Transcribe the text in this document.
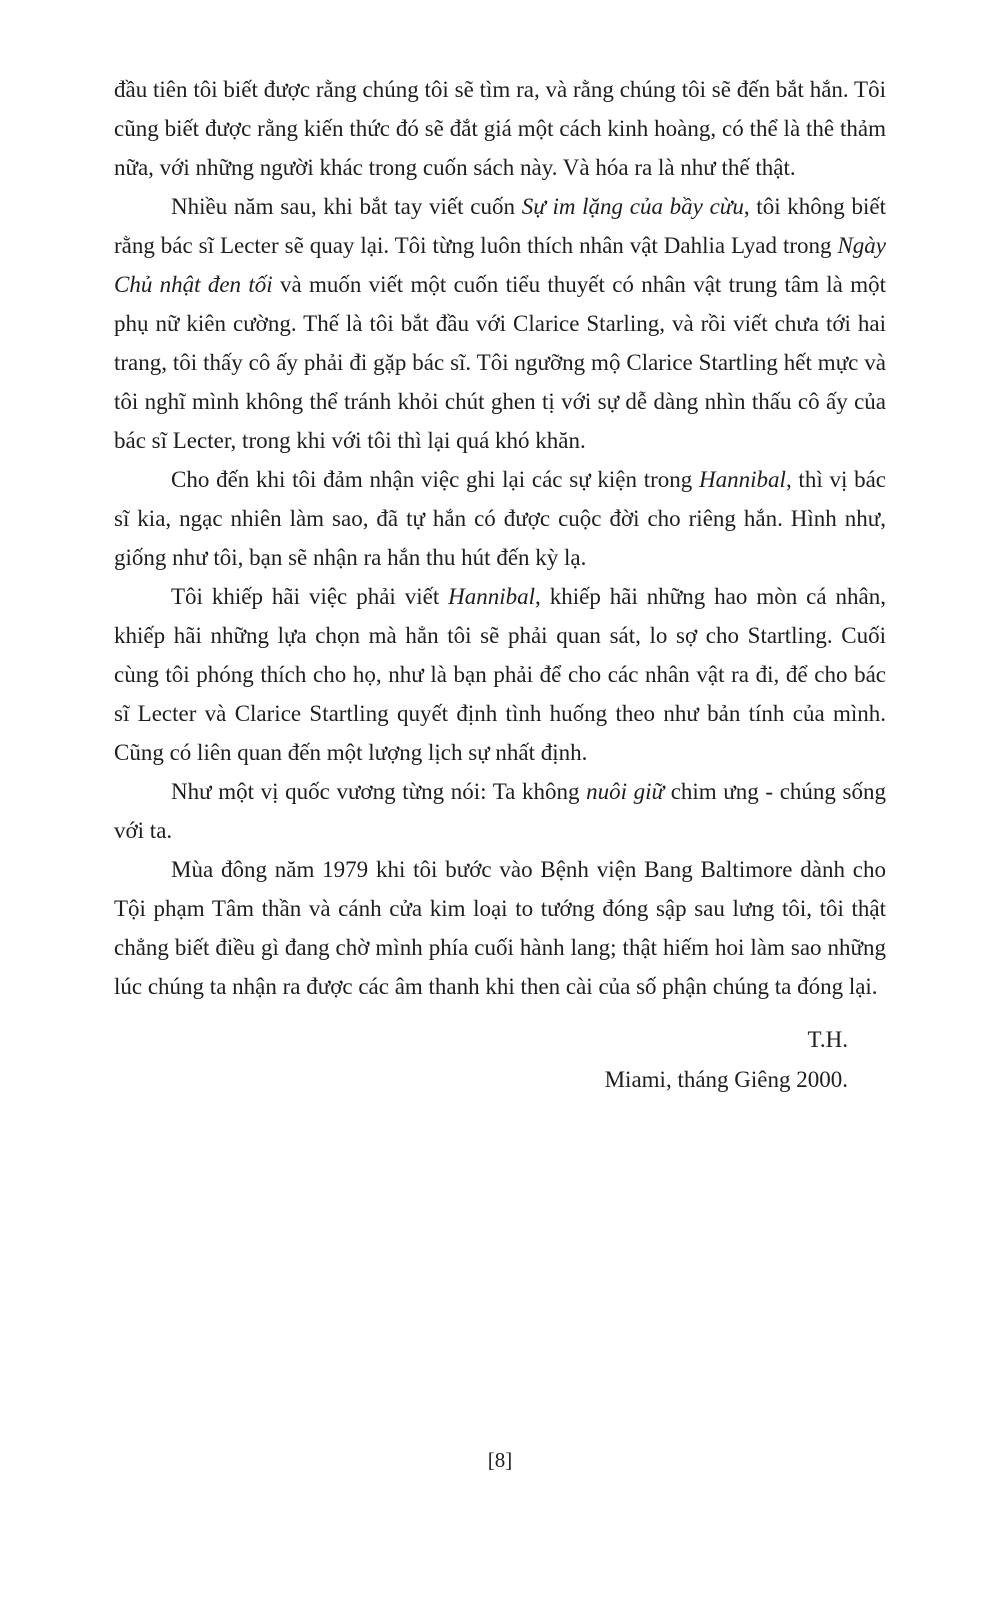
đầu tiên tôi biết được rằng chúng tôi sẽ tìm ra, và rằng chúng tôi sẽ đến bắt hắn. Tôi cũng biết được rằng kiến thức đó sẽ đắt giá một cách kinh hoàng, có thể là thê thảm nữa, với những người khác trong cuốn sách này. Và hóa ra là như thế thật.

Nhiều năm sau, khi bắt tay viết cuốn Sự im lặng của bầy cừu, tôi không biết rằng bác sĩ Lecter sẽ quay lại. Tôi từng luôn thích nhân vật Dahlia Lyad trong Ngày Chủ nhật đen tối và muốn viết một cuốn tiểu thuyết có nhân vật trung tâm là một phụ nữ kiên cường. Thế là tôi bắt đầu với Clarice Starling, và rồi viết chưa tới hai trang, tôi thấy cô ấy phải đi gặp bác sĩ. Tôi ngưỡng mộ Clarice Startling hết mực và tôi nghĩ mình không thể tránh khỏi chút ghen tị với sự dễ dàng nhìn thấu cô ấy của bác sĩ Lecter, trong khi với tôi thì lại quá khó khăn.

Cho đến khi tôi đảm nhận việc ghi lại các sự kiện trong Hannibal, thì vị bác sĩ kia, ngạc nhiên làm sao, đã tự hắn có được cuộc đời cho riêng hắn. Hình như, giống như tôi, bạn sẽ nhận ra hắn thu hút đến kỳ lạ.

Tôi khiếp hãi việc phải viết Hannibal, khiếp hãi những hao mòn cá nhân, khiếp hãi những lựa chọn mà hẳn tôi sẽ phải quan sát, lo sợ cho Startling. Cuối cùng tôi phóng thích cho họ, như là bạn phải để cho các nhân vật ra đi, để cho bác sĩ Lecter và Clarice Startling quyết định tình huống theo như bản tính của mình. Cũng có liên quan đến một lượng lịch sự nhất định.

Như một vị quốc vương từng nói: Ta không nuôi giữ chim ưng - chúng sống với ta.

Mùa đông năm 1979 khi tôi bước vào Bệnh viện Bang Baltimore dành cho Tội phạm Tâm thần và cánh cửa kim loại to tướng đóng sập sau lưng tôi, tôi thật chẳng biết điều gì đang chờ mình phía cuối hành lang; thật hiếm hoi làm sao những lúc chúng ta nhận ra được các âm thanh khi then cài của số phận chúng ta đóng lại.

T.H.
Miami, tháng Giêng 2000.
[8]
